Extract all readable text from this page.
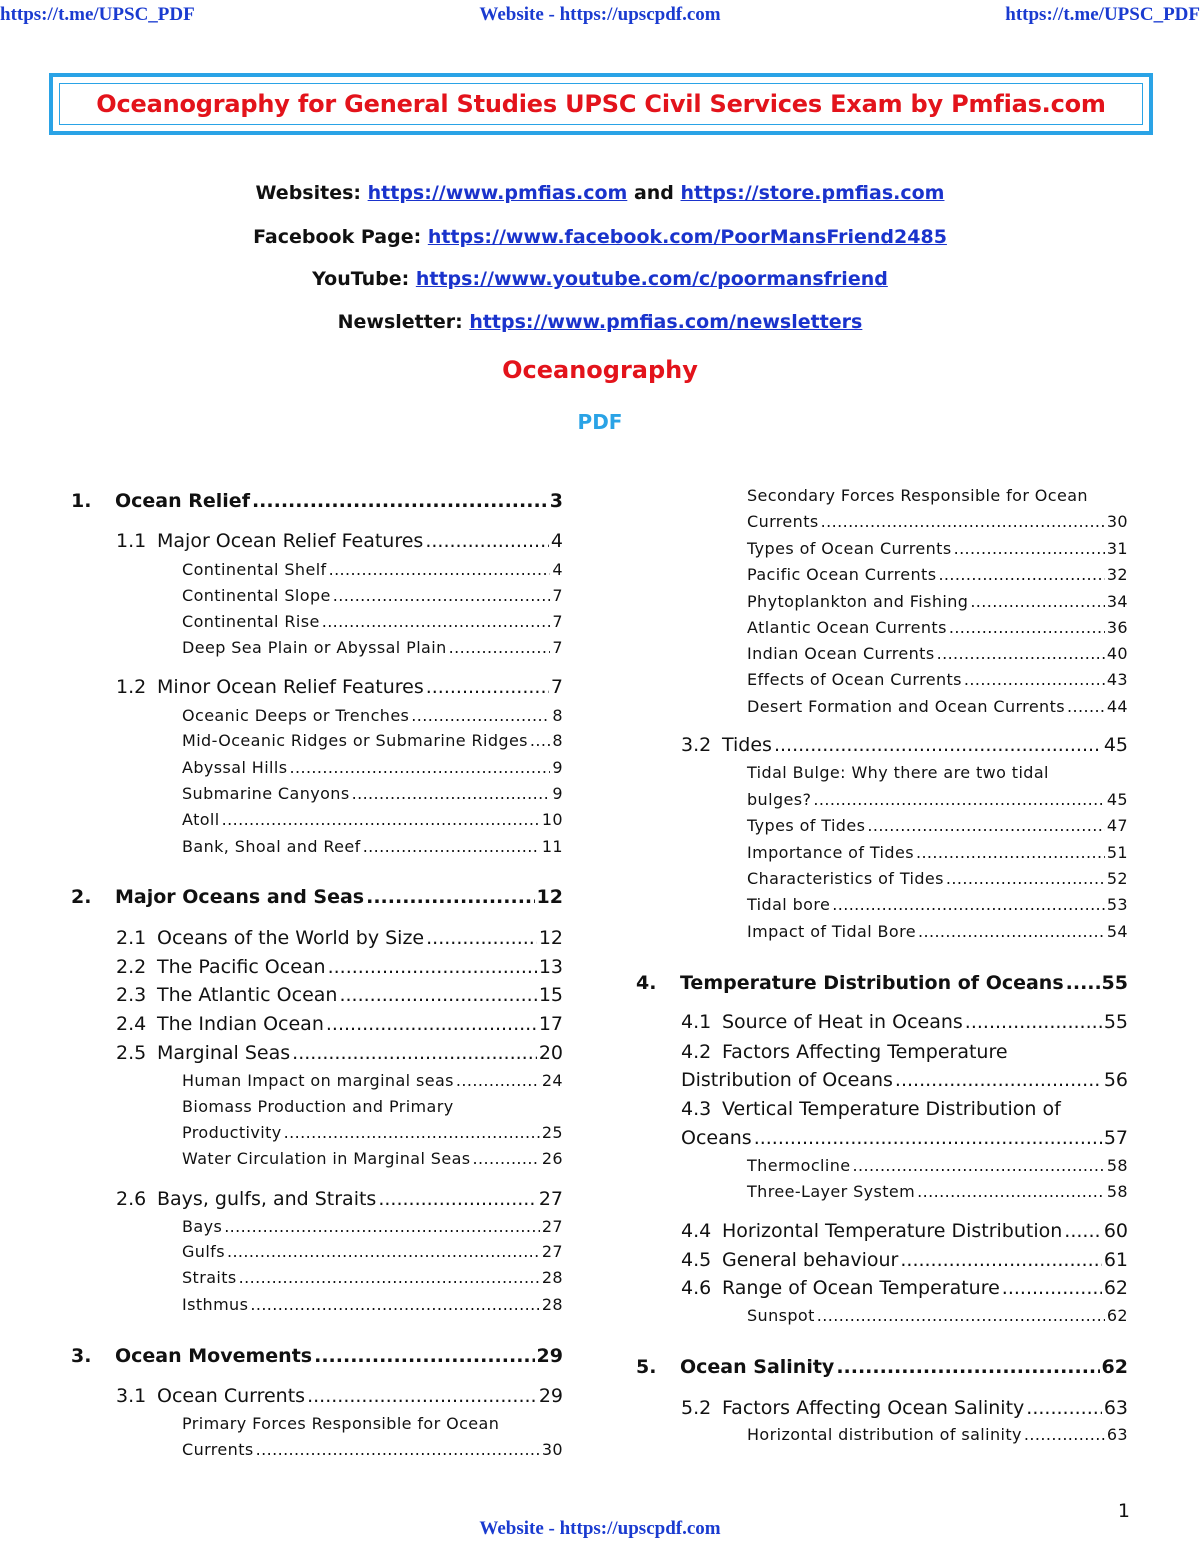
https://t.me/UPSC_PDF	Website - https://upscpdf.com	https://t.me/UPSC_PDF
Oceanography for General Studies UPSC Civil Services Exam by Pmfias.com
Websites: https://www.pmfias.com and https://store.pmfias.com
Facebook Page: https://www.facebook.com/PoorMansFriend2485
YouTube: https://www.youtube.com/c/poormansfriend
Newsletter: https://www.pmfias.com/newsletters
Oceanography
PDF
1.	Ocean Relief .....	3
1.1 Major Ocean Relief Features .....	4
Continental Shelf .....	4
Continental Slope .....	7
Continental Rise .....	7
Deep Sea Plain or Abyssal Plain .....	7
1.2 Minor Ocean Relief Features .....	7
Oceanic Deeps or Trenches .....	8
Mid-Oceanic Ridges or Submarine Ridges ..... 8
Abyssal Hills .....	9
Submarine Canyons .....	9
Atoll .....	10
Bank, Shoal and Reef .....	11
2.	Major Oceans and Seas .....	12
2.1 Oceans of the World by Size .....	12
2.2 The Pacific Ocean .....	13
2.3 The Atlantic Ocean .....	15
2.4 The Indian Ocean .....	17
2.5 Marginal Seas .....	20
Human Impact on marginal seas .....	24
Biomass Production and Primary
Productivity .....	25
Water Circulation in Marginal Seas .....	26
2.6 Bays, gulfs, and Straits .....	27
Bays .....	27
Gulfs .....	27
Straits .....	28
Isthmus .....	28
3.	Ocean Movements .....	29
3.1 Ocean Currents .....	29
Primary Forces Responsible for Ocean
Currents .....	30
Secondary Forces Responsible for Ocean
Currents .....	30
Types of Ocean Currents .....	31
Pacific Ocean Currents .....	32
Phytoplankton and Fishing .....	34
Atlantic Ocean Currents .....	36
Indian Ocean Currents .....	40
Effects of Ocean Currents .....	43
Desert Formation and Ocean Currents .....	44
3.2 Tides .....	45
Tidal Bulge: Why there are two tidal
bulges? .....	45
Types of Tides .....	47
Importance of Tides .....	51
Characteristics of Tides .....	52
Tidal bore .....	53
Impact of Tidal Bore .....	54
4.	Temperature Distribution of Oceans ..... 55
4.1 Source of Heat in Oceans .....	55
4.2 Factors Affecting Temperature
Distribution of Oceans .....	56
4.3 Vertical Temperature Distribution of
Oceans .....	57
Thermocline .....	58
Three-Layer System .....	58
4.4 Horizontal Temperature Distribution ..... 60
4.5 General behaviour .....	61
4.6 Range of Ocean Temperature .....	62
Sunspot .....	62
5.	Ocean Salinity .....	62
5.2 Factors Affecting Ocean Salinity .....	63
Horizontal distribution of salinity .....	63
1
Website - https://upscpdf.com
